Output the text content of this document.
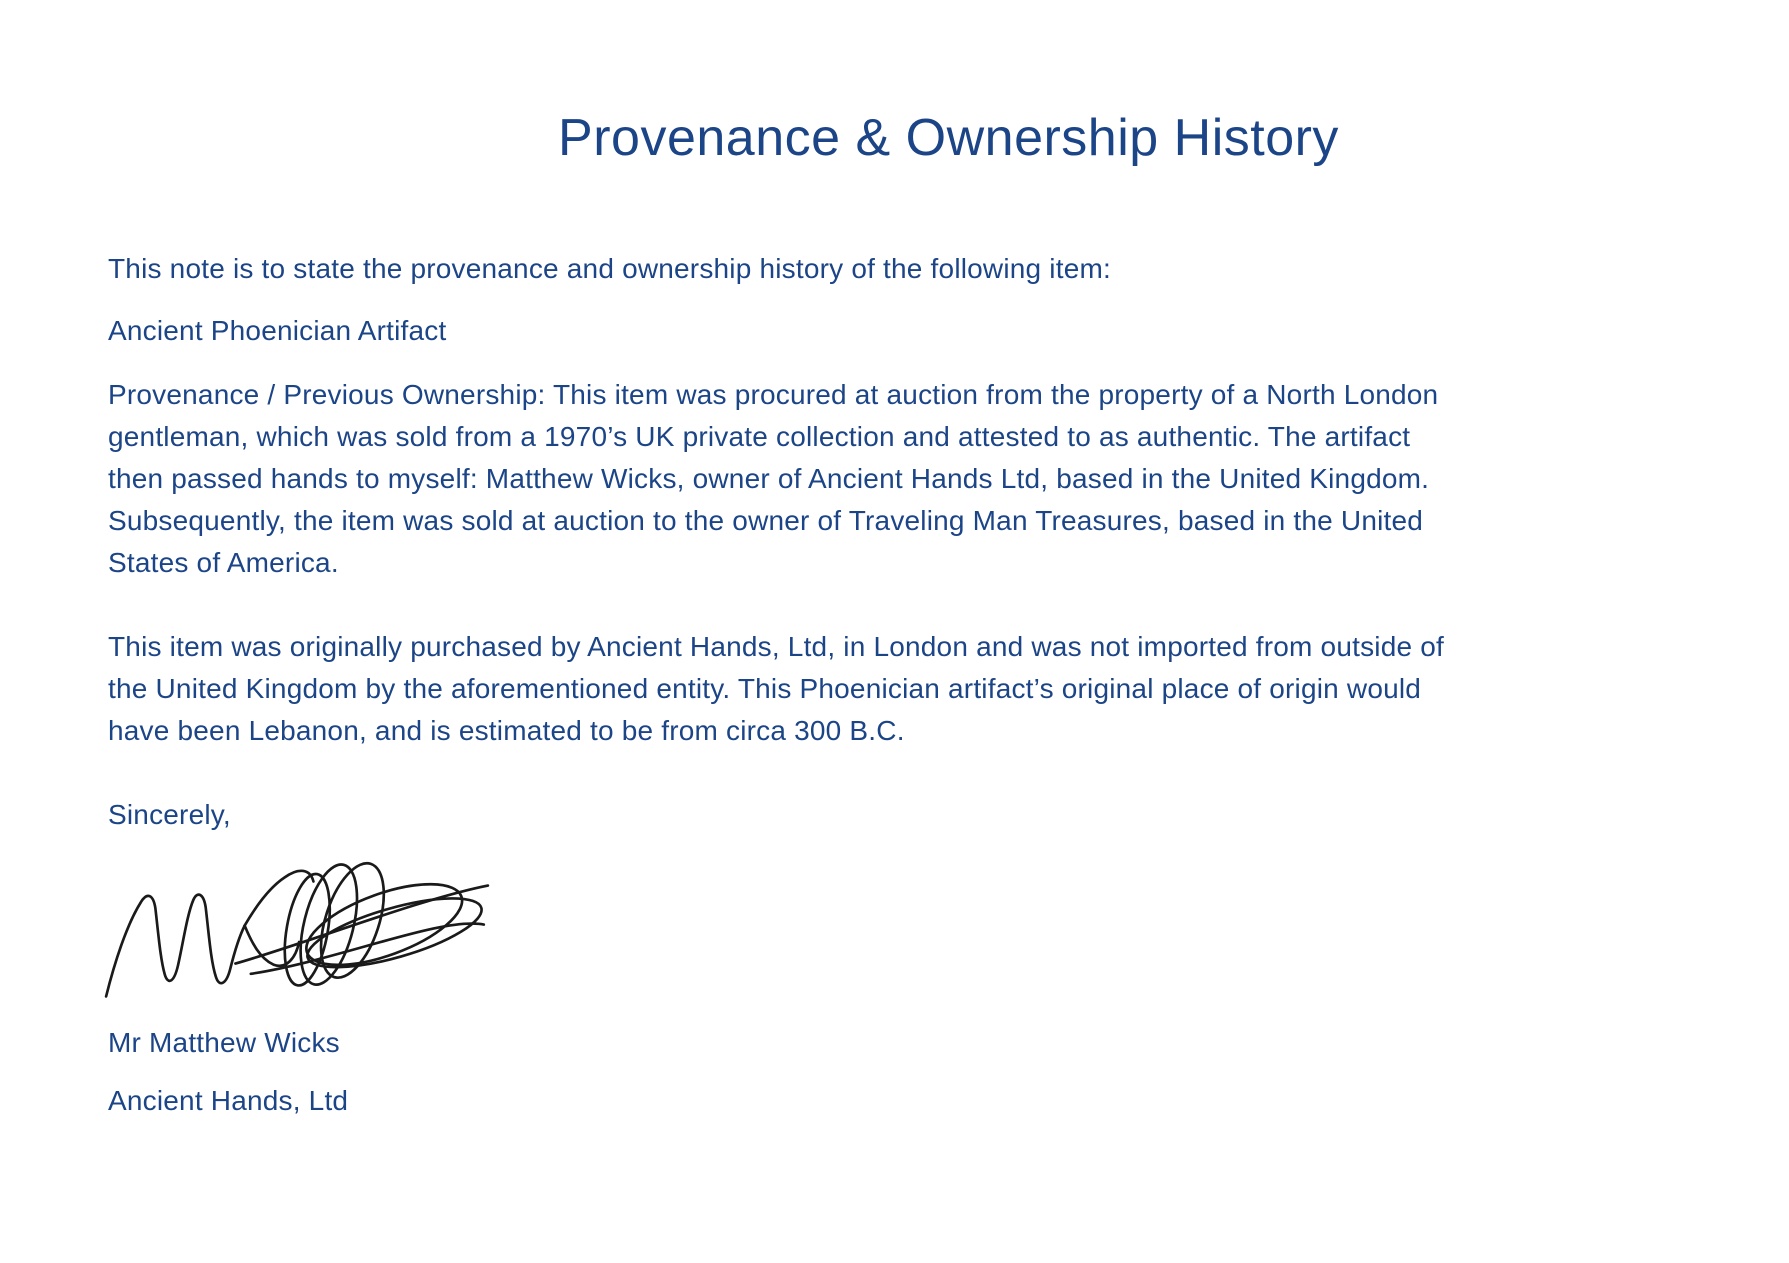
Provenance & Ownership History

This note is to state the provenance and ownership history of the following item:

Ancient Phoenician Artifact

Provenance / Previous Ownership: This item was procured at auction from the property of a North London gentleman, which was sold from a 1970’s UK private collection and attested to as authentic. The artifact then passed hands to myself: Matthew Wicks, owner of Ancient Hands Ltd, based in the United Kingdom. Subsequently, the item was sold at auction to the owner of Traveling Man Treasures, based in the United States of America.

This item was originally purchased by Ancient Hands, Ltd, in London and was not imported from outside of the United Kingdom by the aforementioned entity. This Phoenician artifact’s original place of origin would have been Lebanon, and is estimated to be from circa 300 B.C.

Sincerely,

Mr Matthew Wicks

Ancient Hands, Ltd
